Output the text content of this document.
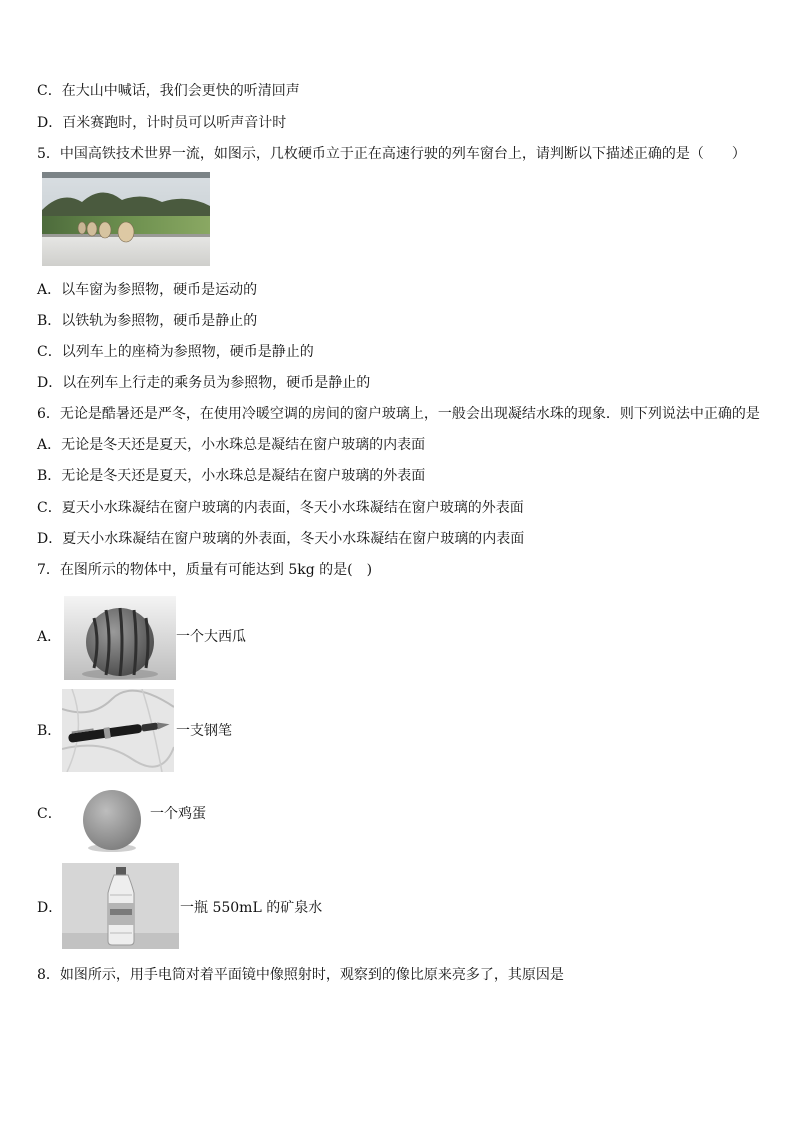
C．在大山中喊话，我们会更快的听清回声
D．百米赛跑时，计时员可以听声音计时
5．中国高铁技术世界一流，如图示，几枚硬币立于正在高速行驶的列车窗台上，请判断以下描述正确的是（　　）
A．以车窗为参照物，硬币是运动的
B．以铁轨为参照物，硬币是静止的
C．以列车上的座椅为参照物，硬币是静止的
D．以在列车上行走的乘务员为参照物，硬币是静止的
6．无论是酷暑还是严冬，在使用冷暖空调的房间的窗户玻璃上，一般会出现凝结水珠的现象．则下列说法中正确的是
A．无论是冬天还是夏天，小水珠总是凝结在窗户玻璃的内表面
B．无论是冬天还是夏天，小水珠总是凝结在窗户玻璃的外表面
C．夏天小水珠凝结在窗户玻璃的内表面，冬天小水珠凝结在窗户玻璃的外表面
D．夏天小水珠凝结在窗户玻璃的外表面，冬天小水珠凝结在窗户玻璃的内表面
7．在图所示的物体中，质量有可能达到 5kg 的是(　)
A．	一个大西瓜
B．	一支钢笔
C．	一个鸡蛋
D．	一瓶 550mL 的矿泉水
8．如图所示，用手电筒对着平面镜中像照射时，观察到的像比原来亮多了，其原因是
